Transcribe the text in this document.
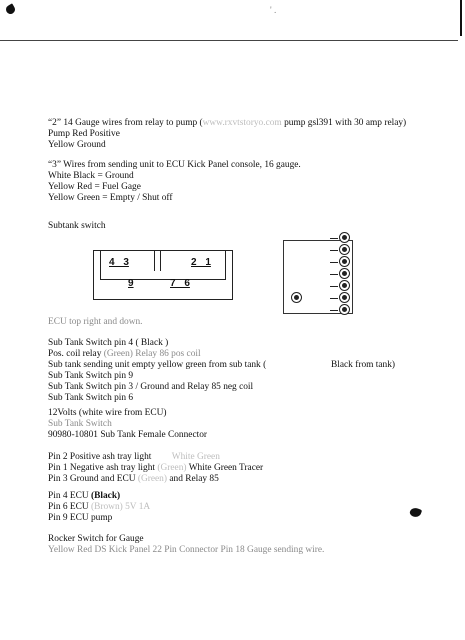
' .
“2” 14 Gauge wires from relay to pump (www.rxvtstoryo.com pump gsl391 with 30 amp relay)
Pump Red Positive
Yellow Ground
“3” Wires from sending unit to ECU Kick Panel console, 16 gauge.
White Black = Ground
Yellow Red = Fuel Gage
Yellow Green = Empty / Shut off
Subtank switch
4 3	2 1
9	7 6
ECU top right and down.
Sub Tank Switch pin 4 ( Black )
Pos. coil relay (Green) Relay 86 pos coil
Sub tank sending unit empty yellow green from sub tank (
Sub Tank Switch pin 9
Sub Tank Switch pin 3 / Ground and Relay 85 neg coil
Sub Tank Switch pin 6
Black from tank)
12Volts (white wire from ECU)
Sub Tank Switch
90980-10801 Sub Tank Female Connector
Pin 2 Positive ash tray light White Green
Pin 1 Negative ash tray light (Green) White Green Tracer
Pin 3 Ground and ECU (Green) and Relay 85
Pin 4 ECU (Black)
Pin 6 ECU (Brown) 5V 1A
Pin 9 ECU pump
Rocker Switch for Gauge
Yellow Red DS Kick Panel 22 Pin Connector Pin 18 Gauge sending wire.
